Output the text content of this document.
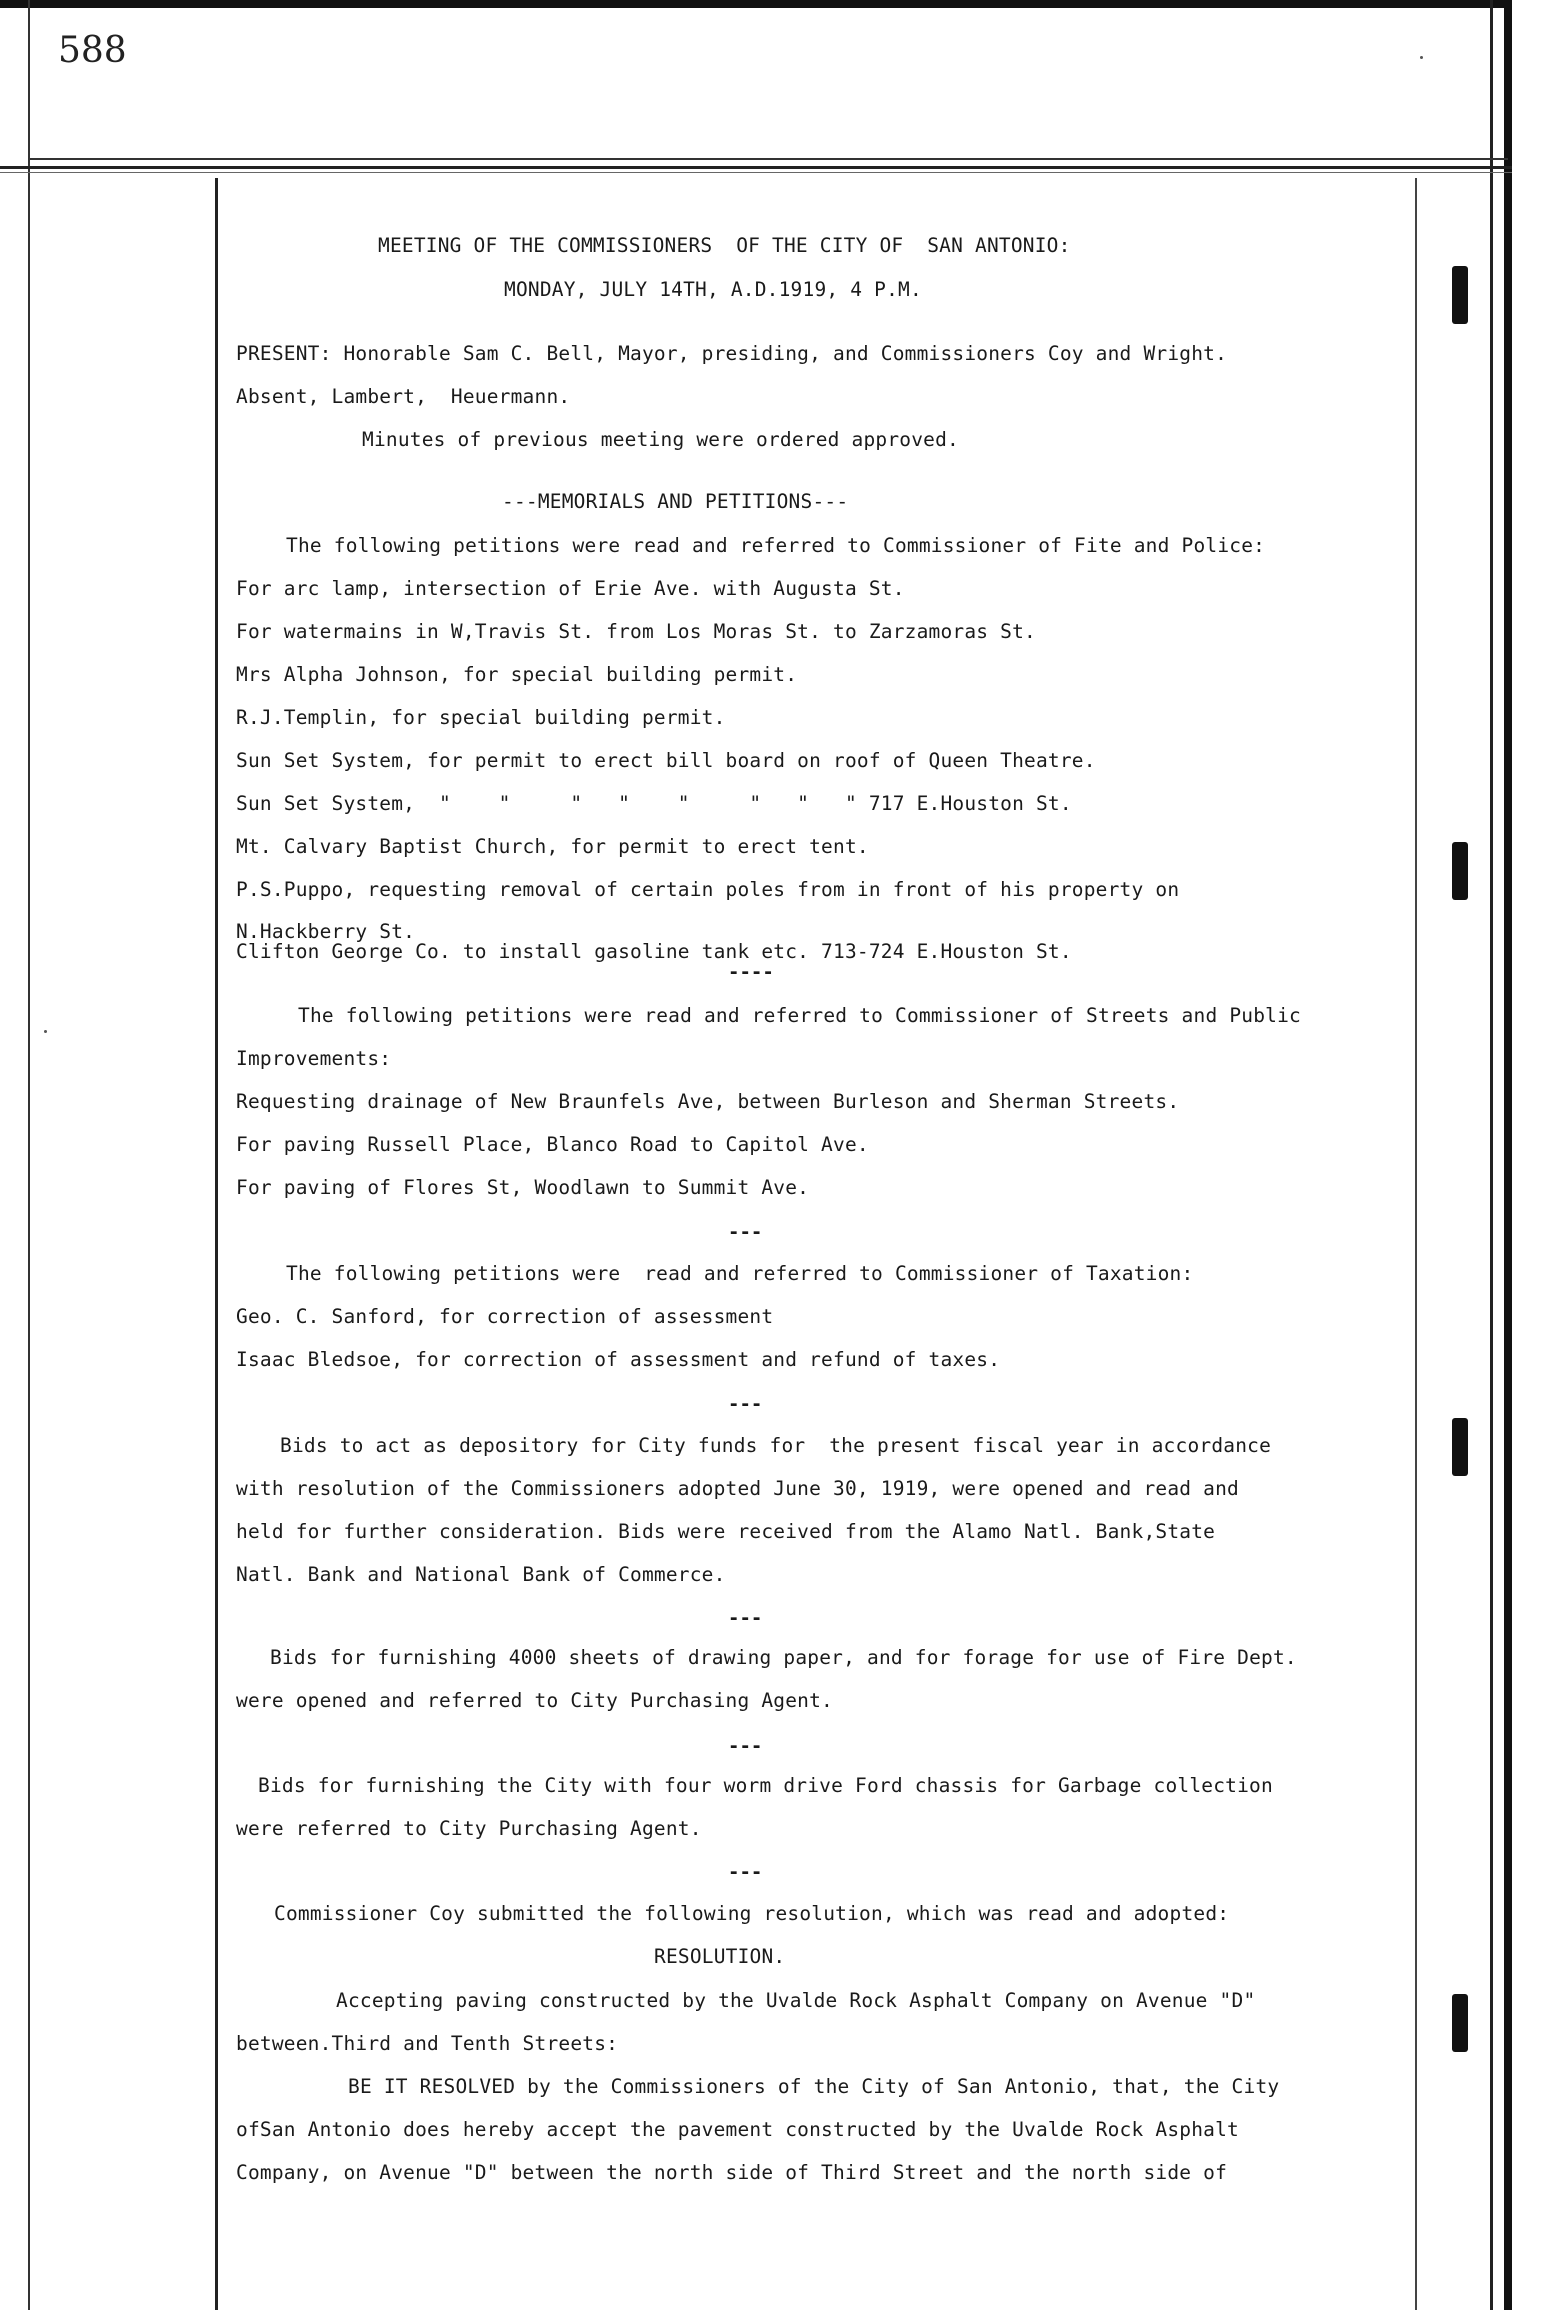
588
MEETING OF THE COMMISSIONERS  OF THE CITY OF  SAN ANTONIO:
MONDAY, JULY 14TH, A.D.1919, 4 P.M.
PRESENT: Honorable Sam C. Bell, Mayor, presiding, and Commissioners Coy and Wright.
Absent, Lambert,  Heuermann.
Minutes of previous meeting were ordered approved.
---MEMORIALS AND PETITIONS---
The following petitions were read and referred to Commissioner of Fite and Police:
For arc lamp, intersection of Erie Ave. with Augusta St.
For watermains in W,Travis St. from Los Moras St. to Zarzamoras St.
Mrs Alpha Johnson, for special building permit.
R.J.Templin, for special building permit.
Sun Set System, for permit to erect bill board on roof of Queen Theatre.
Sun Set System,  "    "     "   "    "     "   "   " 717 E.Houston St.
Mt. Calvary Baptist Church, for permit to erect tent.
P.S.Puppo, requesting removal of certain poles from in front of his property on
N.Hackberry St.
Clifton George Co. to install gasoline tank etc. 713-724 E.Houston St.
----
The following petitions were read and referred to Commissioner of Streets and Public
Improvements:
Requesting drainage of New Braunfels Ave, between Burleson and Sherman Streets.
For paving Russell Place, Blanco Road to Capitol Ave.
For paving of Flores St, Woodlawn to Summit Ave.
---
The following petitions were  read and referred to Commissioner of Taxation:
Geo. C. Sanford, for correction of assessment
Isaac Bledsoe, for correction of assessment and refund of taxes.
---
Bids to act as depository for City funds for  the present fiscal year in accordance
with resolution of the Commissioners adopted June 30, 1919, were opened and read and
held for further consideration. Bids were received from the Alamo Natl. Bank,State
Natl. Bank and National Bank of Commerce.
---
Bids for furnishing 4000 sheets of drawing paper, and for forage for use of Fire Dept.
were opened and referred to City Purchasing Agent.
---
Bids for furnishing the City with four worm drive Ford chassis for Garbage collection
were referred to City Purchasing Agent.
---
Commissioner Coy submitted the following resolution, which was read and adopted:
RESOLUTION.
Accepting paving constructed by the Uvalde Rock Asphalt Company on Avenue "D"
between.Third and Tenth Streets:
BE IT RESOLVED by the Commissioners of the City of San Antonio, that, the City
ofSan Antonio does hereby accept the pavement constructed by the Uvalde Rock Asphalt
Company, on Avenue "D" between the north side of Third Street and the north side of
